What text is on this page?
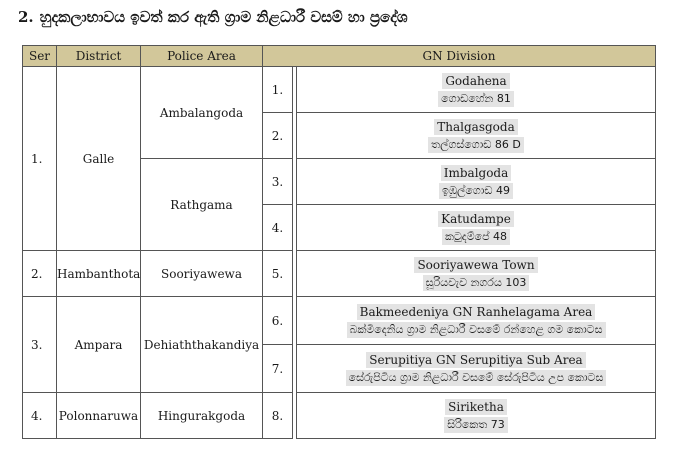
2. හුදකලාභාවය ඉවත් කර ඇති ග්‍රාම නිළධාරී වසම් හා ප්‍රදේශ
Ser	District	Police Area	GN Division		
1.	Galle	Ambalangoda	1.		Godahena
ගොඩහේන 81
			2.		Thalgasgoda
තල්ගස්ගොඩ 86 D
		Rathgama	3.		Imbalgoda
ඉඹුල්ගොඩ 49
			4.		Katudampe
කටුදම්පේ 48
2.	Hambanthota	Sooriyawewa	5.		Sooriyawewa Town
සූරියවැව නගරය 103
3.	Ampara	Dehiaththakandiya	6.		Bakmeedeniya GN Ranhelagama Area
බක්මීදෙනිය ග්‍රාම නිළධාරී වසමේ රන්හෙළ ගම කොටස
			7.		Serupitiya GN Serupitiya Sub Area
සේරුපිටිය ග්‍රාම නිළධාරී වසමේ සේරුපිටිය උප කොටස
4.	Polonnaruwa	Hingurakgoda	8.		Siriketha
සිරිකෙත 73
